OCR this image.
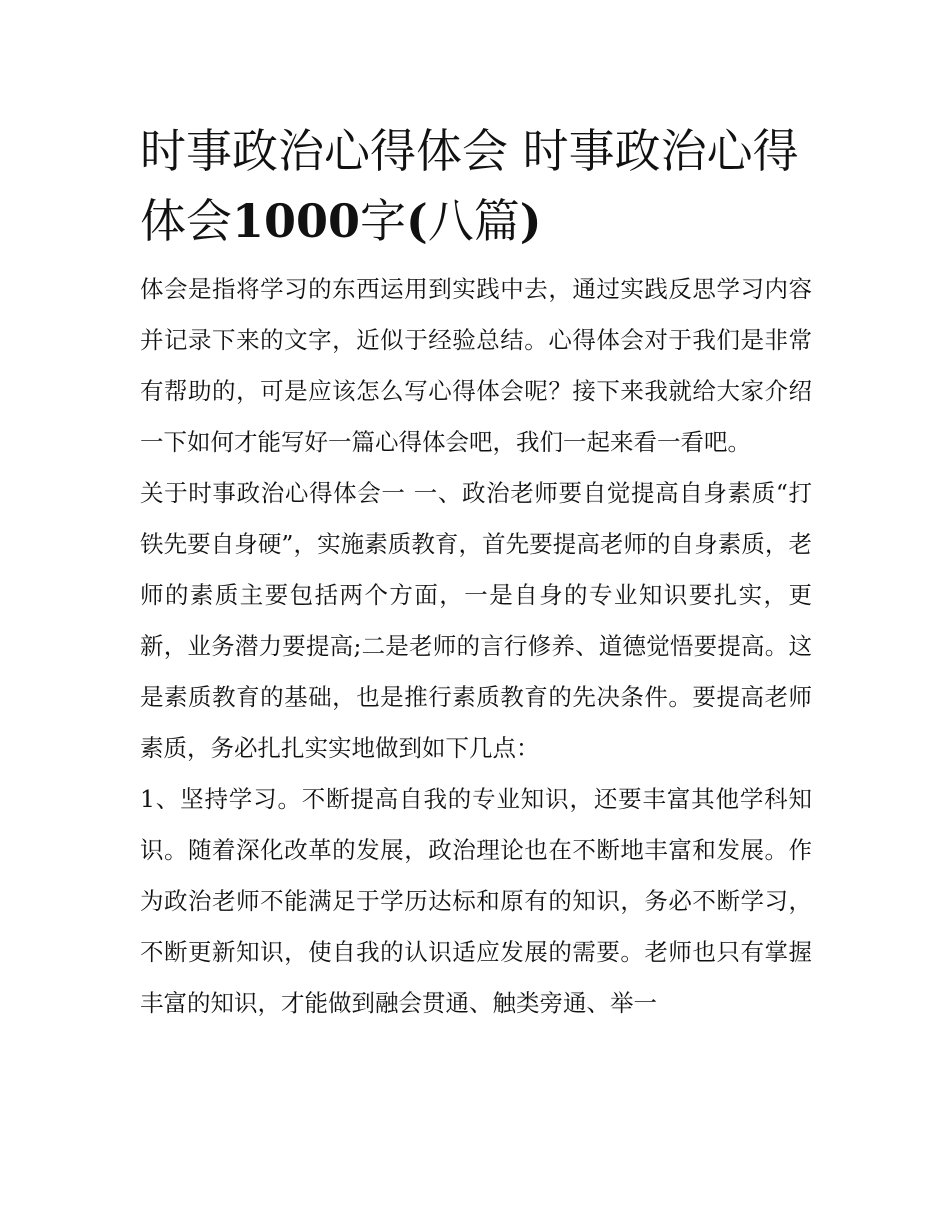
时事政治心得体会 时事政治心得体会1000字(八篇)

体会是指将学习的东西运用到实践中去，通过实践反思学习内容并记录下来的文字，近似于经验总结。心得体会对于我们是非常有帮助的，可是应该怎么写心得体会呢？接下来我就给大家介绍一下如何才能写好一篇心得体会吧，我们一起来看一看吧。

关于时事政治心得体会一 一、政治老师要自觉提高自身素质“打铁先要自身硬”，实施素质教育，首先要提高老师的自身素质，老师的素质主要包括两个方面，一是自身的专业知识要扎实，更新，业务潜力要提高;二是老师的言行修养、道德觉悟要提高。这是素质教育的基础，也是推行素质教育的先决条件。要提高老师素质，务必扎扎实实地做到如下几点：

1、坚持学习。不断提高自我的专业知识，还要丰富其他学科知识。随着深化改革的发展，政治理论也在不断地丰富和发展。作为政治老师不能满足于学历达标和原有的知识，务必不断学习，不断更新知识，使自我的认识适应发展的需要。老师也只有掌握丰富的知识，才能做到融会贯通、触类旁通、举一
